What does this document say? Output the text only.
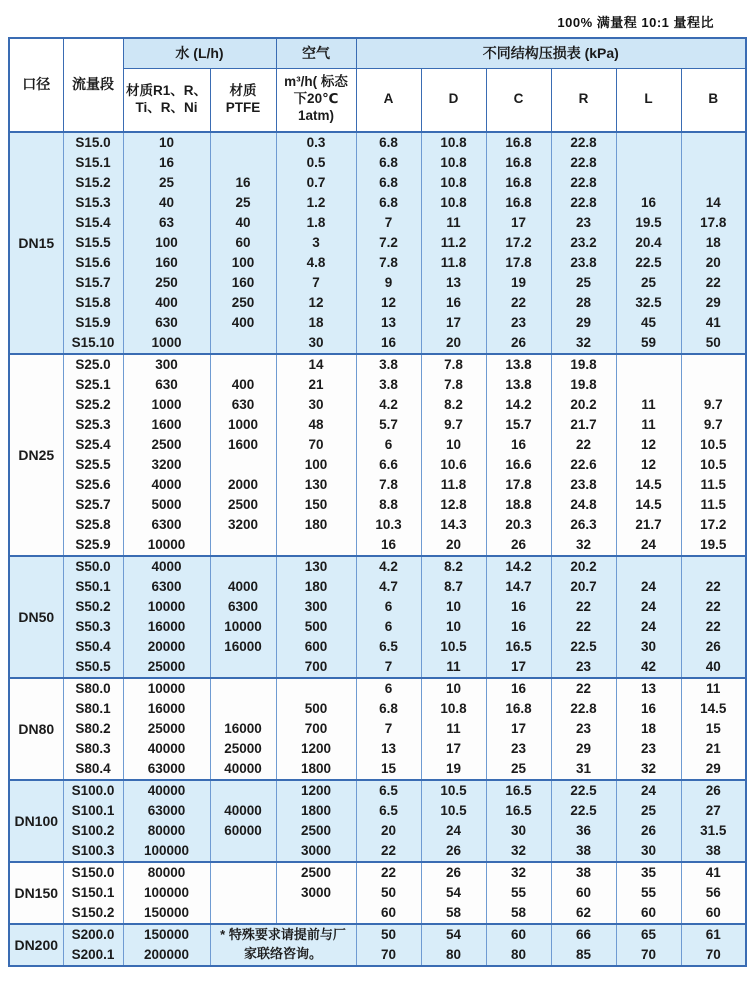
100% 满量程 10:1 量程比
口径	流量段	水 (L/h)		空气	不同结构压损表 (kPa)					
		材质R1、R、Ti、R、Ni	材质 PTFE	m³/h( 标态下20℃ 1atm)	A	D	C	R	L	B
DN15	S15.0	10		0.3	6.8	10.8	16.8	22.8		
	S15.1	16		0.5	6.8	10.8	16.8	22.8		
	S15.2	25	16	0.7	6.8	10.8	16.8	22.8		
	S15.3	40	25	1.2	6.8	10.8	16.8	22.8	16	14
	S15.4	63	40	1.8	7	11	17	23	19.5	17.8
	S15.5	100	60	3	7.2	11.2	17.2	23.2	20.4	18
	S15.6	160	100	4.8	7.8	11.8	17.8	23.8	22.5	20
	S15.7	250	160	7	9	13	19	25	25	22
	S15.8	400	250	12	12	16	22	28	32.5	29
	S15.9	630	400	18	13	17	23	29	45	41
	S15.10	1000		30	16	20	26	32	59	50
DN25	S25.0	300		14	3.8	7.8	13.8	19.8		
	S25.1	630	400	21	3.8	7.8	13.8	19.8		
	S25.2	1000	630	30	4.2	8.2	14.2	20.2	11	9.7
	S25.3	1600	1000	48	5.7	9.7	15.7	21.7	11	9.7
	S25.4	2500	1600	70	6	10	16	22	12	10.5
	S25.5	3200		100	6.6	10.6	16.6	22.6	12	10.5
	S25.6	4000	2000	130	7.8	11.8	17.8	23.8	14.5	11.5
	S25.7	5000	2500	150	8.8	12.8	18.8	24.8	14.5	11.5
	S25.8	6300	3200	180	10.3	14.3	20.3	26.3	21.7	17.2
	S25.9	10000			16	20	26	32	24	19.5
DN50	S50.0	4000		130	4.2	8.2	14.2	20.2		
	S50.1	6300	4000	180	4.7	8.7	14.7	20.7	24	22
	S50.2	10000	6300	300	6	10	16	22	24	22
	S50.3	16000	10000	500	6	10	16	22	24	22
	S50.4	20000	16000	600	6.5	10.5	16.5	22.5	30	26
	S50.5	25000		700	7	11	17	23	42	40
DN80	S80.0	10000			6	10	16	22	13	11
	S80.1	16000		500	6.8	10.8	16.8	22.8	16	14.5
	S80.2	25000	16000	700	7	11	17	23	18	15
	S80.3	40000	25000	1200	13	17	23	29	23	21
	S80.4	63000	40000	1800	15	19	25	31	32	29
DN100	S100.0	40000		1200	6.5	10.5	16.5	22.5	24	26
	S100.1	63000	40000	1800	6.5	10.5	16.5	22.5	25	27
	S100.2	80000	60000	2500	20	24	30	36	26	31.5
	S100.3	100000		3000	22	26	32	38	30	38
DN150	S150.0	80000		2500	22	26	32	38	35	41
	S150.1	100000		3000	50	54	55	60	55	56
	S150.2	150000			60	58	58	62	60	60
DN200	S200.0	150000	* 特殊要求请提前与厂家联络咨询。		50	54	60	66	65	61
	S200.1	200000			70	80	80	85	70	70
